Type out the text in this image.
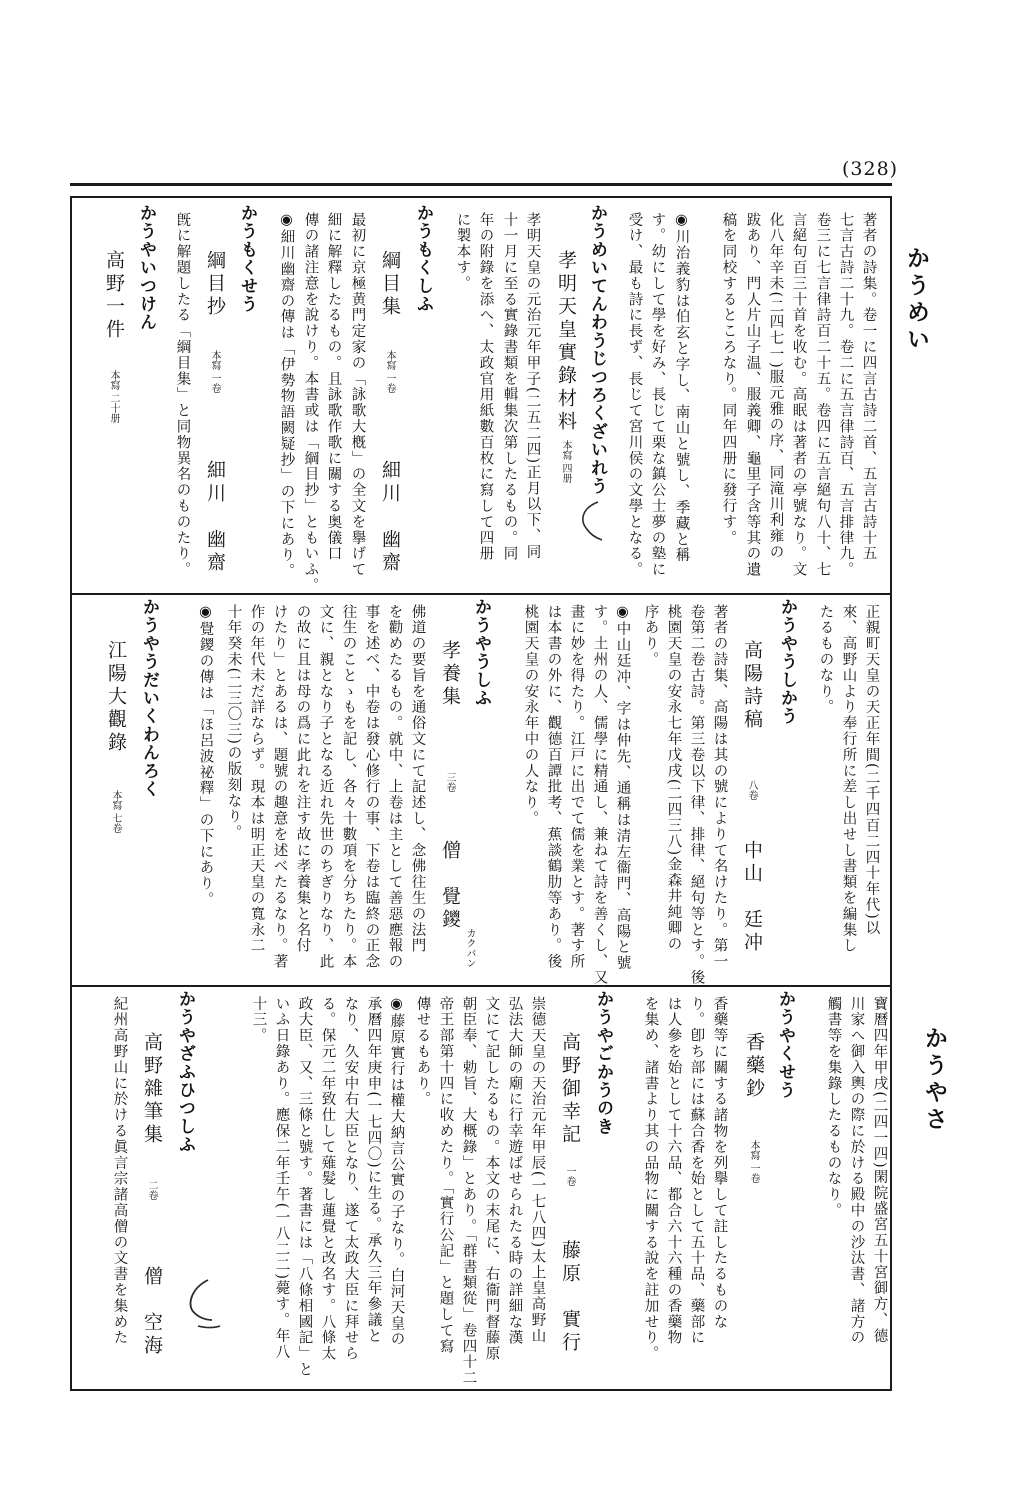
(328)
かうめい
かうやさ
著者の詩集。卷一に四言古詩二首、五言古詩十五
七言古詩二十九。卷二に五言律詩百、五言排律九。
卷三に七言律詩百二十五。卷四に五言絕句八十、七
言絕句百三十首を收む。高眠は著者の亭號なり。文
化八年辛未(二四七一)服元雅の序、同滝川利雍の
跋あり、門人片山子温、服義卿、龜里子含等其の遺
稿を同校するところなり。同年四册に發行す。
◉川治義豹は伯玄と字し、南山と號し、季藏と稱
す。幼にして學を好み、長じて栗な鎮公士夢の塾に
受け、最も詩に長ず、長じて宮川侯の文學となる。
かうめいてんわうじつろくざいれう
孝明天皇實錄材料
本寫 四册
孝明天皇の元治元年甲子(二五二四)正月以下、同
十一月に至る實錄書類を輯集次第したるもの。同
年の附錄を添へ、太政官用紙數百枚に寫して四册
に製本す。
かうもくしふ
綱目集
本寫 一卷
細川　幽齋
最初に京極黄門定家の「詠歌大槪」の全文を擧げて
細に解釋したるもの。且詠歌作歌に關する奥儀口
傳の諸注意を說けり。本書或は「綱目抄」ともいふ。
◉細川幽齋の傳は「伊勢物語闕疑抄」の下にあり。
かうもくせう
綱目抄
本寫 一卷
細川　幽齋
旣に解題したる「綱目集」と同物異名のものたり。
かうやいつけん
高野一件
本寫 二十册
正親町天皇の天正年間(二千四百二四十年代)以
來、高野山より奉行所に差し出せし書類を編集し
たるものなり。
かうやうしかう
高陽詩稿
八卷
中山　廷冲
著者の詩集、高陽は其の號によりて名けたり。第一
卷第二卷古詩。第三卷以下律、排律、絕句等とす。後
桃園天皇の安永七年戊戌(二四三八)金森井純卿の
序あり。
◉中山廷冲、字は仲先、通稱は清左衞門、高陽と號
す。土州の人、儒學に精通し、兼ねて詩を善くし、又
畫に妙を得たり。江戸に出でて儒を業とす。著す所
は本書の外に、觀德百譚批考、蕉談鶴肋等あり。後
桃園天皇の安永年中の人なり。
かうやうしふ
孝養集
三卷
僧　覺鑁
カクバン
佛道の要旨を通俗文にて記述し、念佛往生の法門
を勸めたるもの。就中、上卷は主として善惡應報の
事を述べ、中卷は發心修行の事、下卷は臨終の正念
往生のことゝもを記し、各々十數項を分ちたり。本
文に、親となり子となる近れ先世のちぎりなり、此
の故に且は母の爲に此れを注す故に孝養集と名付
けたり」とあるは、題號の趣意を述べたるなり。著
作の年代未だ詳ならず。現本は明正天皇の寬永二
十年癸未(二三〇三)の版刻なり。
◉覺鑁の傳は「ほ呂波祕釋」の下にあり。
かうやうだいくわんろく
江陽大觀錄
本寫 七卷
寶曆四年甲戌(二四一四)閑院盛宮五十宮御方、德
川家へ御入輿の際に於ける殿中の沙汰書、諸方の
觸書等を集錄したるものなり。
かうやくせう
香藥鈔
本寫 一卷
香藥等に關する諸物を列擧して註したるものな
り。卽ち部には蘇合香を始として五十品、藥部に
は人參を始として十六品、都合六十六種の香藥物
を集め、諸書より其の品物に關する說を註加せり。
かうやごかうのき
高野御幸記
一卷
藤原　實行
崇德天皇の天治元年甲辰(一七八四)太上皇高野山
弘法大師の廟に行幸遊ばせられたる時の詳細な漢
文にて記したるもの。本文の末尾に、右衞門督藤原
朝臣奉、勅旨、大概錄」とあり。「群書類從」卷四十二
帝王部第十四に收めたり。「實行公記」と題して寫
傳せるもあり。
◉藤原實行は權大納言公實の子なり。白河天皇の
承曆四年庚申(一七四〇)に生る。承久三年參議と
なり、久安中右大臣となり、遂て太政大臣に拜せら
る。保元二年致仕して薙髮し蓮覺と改名す。八條太
政大臣、又、三條と號す。著書には「八條相國記」と
いふ日錄あり。應保二年壬午(一八二二)薨す。年八
十三。
かうやざふひつしふ
高野雜筆集
二卷
僧　空海
紀州高野山に於ける眞言宗諸高僧の文書を集めた
